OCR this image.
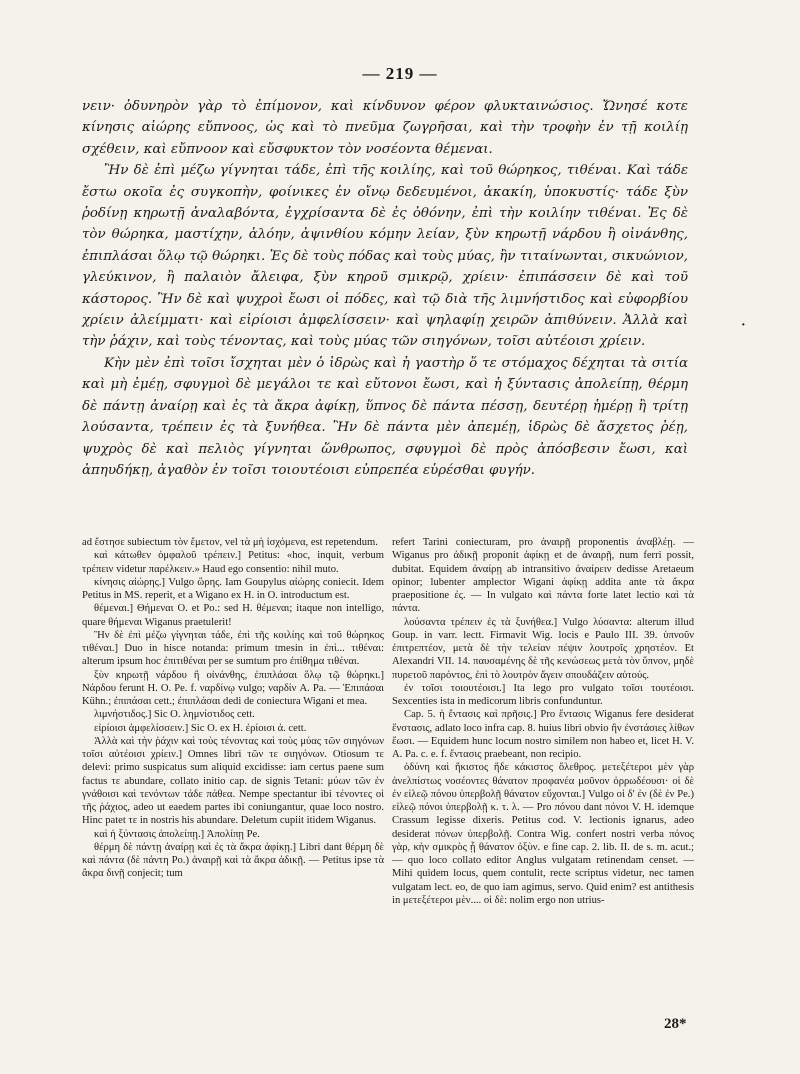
— 219 —

νειν· ὀδυνηρὸν γὰρ τὸ ἐπίμονον, καὶ κίνδυνον φέρον φλυκταινώσιος. Ὤνησέ κοτε κίνησις αἰώρης εὔπνοος, ὡς καὶ τὸ πνεῦμα ζωγρῆσαι, καὶ τὴν τροφὴν ἐν τῇ κοιλίῃ σχέθειν, καὶ εὔπνοον καὶ εὔσφυκτον τὸν νοσέοντα θέμεναι.

Ἢν δὲ ἐπὶ μέζω γίγνηται τάδε, ἐπὶ τῆς κοιλίης, καὶ τοῦ θώρηκος, τιθέναι. Καὶ τάδε ἔστω οκοῖα ἐς συγκοπὴν, φοίνικες ἐν οἴνῳ δεδευμένοι, ἀκακίη, ὑποκυστίς· τάδε ξὺν ῥοδίνῃ κηρωτῇ ἀναλαβόντα, ἐγχρίσαντα δὲ ἐς ὀθόνην, ἐπὶ τὴν κοιλίην τιθέναι. Ἐς δὲ τὸν θώρηκα, μαστίχην, ἀλόην, ἀψινθίου κόμην λείαν, ξὺν κηρωτῇ νάρδου ἢ οἰνάνθης, ἐπιπλάσαι ὅλῳ τῷ θώρηκι. Ἐς δὲ τοὺς πόδας καὶ τοὺς μύας, ἢν τιταίνωνται, σικυώνιον, γλεύκινον, ἢ παλαιὸν ἄλειφα, ξὺν κηροῦ σμικρῷ, χρίειν· ἐπιπάσσειν δὲ καὶ τοῦ κάστορος. Ἢν δὲ καὶ ψυχροὶ ἔωσι οἱ πόδες, καὶ τῷ διὰ τῆς λιμνήστιδος καὶ εὐφορβίου χρίειν ἀλείμματι· καὶ εἰρίοισι ἀμφελίσσειν· καὶ ψηλαφίῃ χειρῶν ἀπιθύνειν. Ἀλλὰ καὶ τὴν ῥάχιν, καὶ τοὺς τένοντας, καὶ τοὺς μύας τῶν σιηγόνων, τοῖσι αὐτέοισι χρίειν.

Κὴν μὲν ἐπὶ τοῖσι ἴσχηται μὲν ὁ ἱδρὼς καὶ ἡ γαστὴρ ὅ τε στόμαχος δέχηται τὰ σιτία καὶ μὴ ἐμέῃ, σφυγμοὶ δὲ μεγάλοι τε καὶ εὔτονοι ἔωσι, καὶ ἡ ξύντασις ἀπολείπῃ, θέρμη δὲ πάντῃ ἀναίρῃ καὶ ἐς τὰ ἄκρα ἀφίκῃ, ὕπνος δὲ πάντα πέσσῃ, δευτέρῃ ἡμέρῃ ἢ τρίτῃ λούσαντα, τρέπειν ἐς τὰ ξυνήθεα. Ἢν δὲ πάντα μὲν ἀπεμέῃ, ἱδρὼς δὲ ἄσχετος ῥέῃ, ψυχρὸς δὲ καὶ πελιὸς γίγνηται ὥνθρωπος, σφυγμοὶ δὲ πρὸς ἀπόσβεσιν ἔωσι, καὶ ἀπηυδήκῃ, ἀγαθὸν ἐν τοῖσι τοιουτέοισι εὐπρεπέα εὑρέσθαι φυγήν.

·

ad ἔστησε subiectum τὸν ἔμετον, vel τὰ μὴ ἰσχόμενα, est repetendum.

καὶ κάτωθεν ὀμφαλοῦ τρέπειν.] Petitus: «hoc, inquit, verbum τρέπειν videtur παρέλκειν.» Haud ego consentio: nihil muto.

κίνησις αἰώρης.] Vulgo ὥρης. Iam Goupylus αἰώρης coniecit. Idem Petitus in MS. reperit, et a Wigano ex H. in O. introductum est.

θέμεναι.] Θήμεναι O. et Po.: sed H. θέμεναι; itaque non intelligo, quare θήμεναι Wiganus praetulerit!

Ἢν δὲ ἐπὶ μέζω γίγνηται τάδε, ἐπὶ τῆς κοιλίης καὶ τοῦ θώρηκος τιθέναι.] Duo in hisce notanda: primum tmesin in ἐπὶ... τιθέναι: alterum ipsum hoc ἐπιτιθέναι per se sumtum pro ἐπίθημα τιθέναι.

ξὺν κηρωτῇ νάρδου ἢ οἰνάνθης, ἐπιπλάσαι ὅλῳ τῷ θώρηκι.] Νάρδου ferunt H. O. Pe. f. ναρδίνῳ vulgo; ναρδίν A. Pa. — Ἐπιπάσαι Kühn.; ἐπιπάσαι cett.; ἐπιπλάσαι dedi de coniectura Wigani et mea.

λιμνήστιδος.] Sic O. λημνίστιδος cett.

εἰρίοισι ἀμφελίσσειν.] Sic O. ex H. ἐρίοισι ἀ. cett.

Ἀλλὰ καὶ τὴν ῥάχιν καὶ τοὺς τένοντας καὶ τοὺς μύας τῶν σιηγόνων τοῖσι αὐτέοισι χρίειν.] Omnes libri τῶν τε σιηγόνων. Otiosum τε delevi: primo suspicatus sum aliquid excidisse: iam certus paene sum factus τε abundare, collato initio cap. de signis Tetani: μύων τῶν ἐν γνάθοισι καὶ τενόντων τάδε πάθεα. Nempe spectantur ibi τένοντες οἱ τῆς ῥάχιος, adeo ut eaedem partes ibi coniungantur, quae loco nostro. Hinc patet τε in nostris his abundare. Deletum cupiit itidem Wiganus.

καὶ ἡ ξύντασις ἀπολείπῃ.] Ἀπολίπῃ Pe.

θέρμη δὲ πάντῃ ἀναίρῃ καὶ ἐς τὰ ἄκρα ἀφίκῃ.] Libri dant θέρμη δὲ καὶ πάντα (δὲ πάντη Po.) ἀναιρῇ καὶ τὰ ἄκρα ἀδικῇ. — Petitus ipse τὰ ἄκρα δινῇ conjecit; tum

refert Tarini coniecturam, pro ἀναιρῇ proponentis ἀναβλέῃ. — Wiganus pro ἀδικῇ proponit ἀφίκῃ et de ἀναιρῇ, num ferri possit, dubitat. Equidem ἀναίρῃ ab intransitivo ἀναίρειν dedisse Aretaeum opinor; lubenter amplector Wigani ἀφίκῃ addita ante τὰ ἄκρα praepositione ἐς. — In vulgato καὶ πάντα forte latet lectio καὶ τὰ πάντα.

λούσαντα τρέπειν ἐς τὰ ξυνήθεα.] Vulgo λύσαντα: alterum illud Goup. in varr. lectt. Firmavit Wig. locis e Paulo III. 39. ὑπνοῦν ἐπιτρεπτέον, μετὰ δὲ τὴν τελείαν πέψιν λουτροῖς χρηστέον. Et Alexandri VII. 14. παυσαμένης δὲ τῆς κενώσεως μετὰ τὸν ὕπνον, μηδὲ πυρετοῦ παρόντος, ἐπὶ τὸ λουτρὸν ἄγειν σπουδάζειν αὐτούς.

ἐν τοῖσι τοιουτέοισι.] Ita lego pro vulgato τοῖσι τουτέοισι. Sexcenties ista in medicorum libris confunduntur.

Cap. 5. ἡ ἔντασις καὶ πρῆσις.] Pro ἔντασις Wiganus fere desiderat ἔνστασις, adlato loco infra cap. 8. huius libri obvio ἢν ἐνστάσιες λίθων ἔωσι. — Equidem hunc locum nostro similem non habeo et, licet H. V. A. Pa. c. e. f. ἔντασις praebeant, non recipio.

ὀδύνη καὶ ἥκιστος ἥδε κάκιστος ὄλεθρος. μετεξέτεροι μὲν γὰρ ἀνελπίστως νοσέοντες θάνατον προφανέα μοῦνον ὀρρωδέουσι· οἱ δὲ ἐν εἰλεῷ πόνου ὑπερβολῇ θάνατον εὔχονται.] Vulgo οἱ δ' ἐν (δὲ ἐν Pe.) εἰλεῷ πόνοι ὑπερβολῇ κ. τ. λ. — Pro πόνου dant πόνοι V. H. idemque Crassum legisse dixeris. Petitus cod. V. lectionis ignarus, adeo desiderat πόνων ὑπερβολῇ. Contra Wig. confert nostri verba πόνος γὰρ, κὴν σμικρὸς ᾖ θάνατον ὀξὺν. e fine cap. 2. lib. II. de s. m. acut.; — quo loco collato editor Anglus vulgatam retinendam censet. — Mihi quidem locus, quem contulit, recte scriptus videtur, nec tamen vulgatam lect. eo, de quo iam agimus, servo. Quid enim? est antithesis in μετεξέτεροι μὲν.... οἱ δὲ: nolim ergo non utrius-

28*
